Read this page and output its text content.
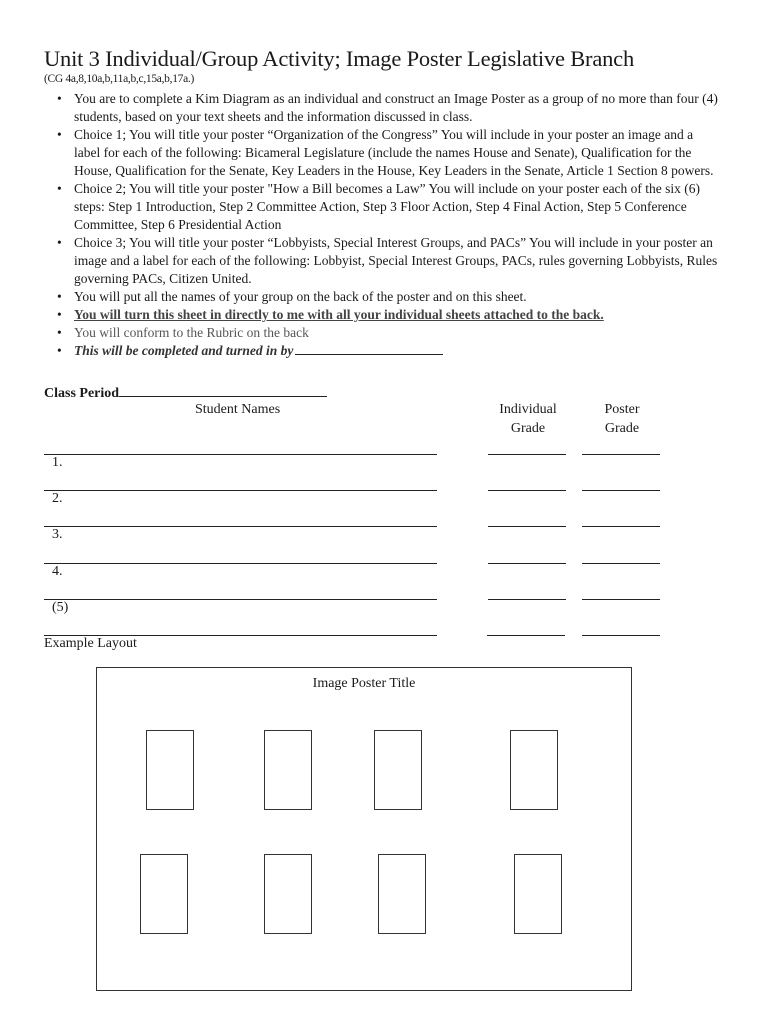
Unit 3 Individual/Group Activity; Image Poster Legislative Branch
(CG 4a,8,10a,b,11a,b,c,15a,b,17a.)
• You are to complete a Kim Diagram as an individual and construct an Image Poster as a group of no more than four (4) students, based on your text sheets and the information discussed in class.
• Choice 1; You will title your poster “Organization of the Congress” You will include in your poster an image and a label for each of the following: Bicameral Legislature (include the names House and Senate), Qualification for the House, Qualification for the Senate, Key Leaders in the House, Key Leaders in the Senate, Article 1 Section 8 powers.
• Choice 2; You will title your poster "How a Bill becomes a Law” You will include on your poster each of the six (6) steps: Step 1 Introduction, Step 2 Committee Action, Step 3 Floor Action, Step 4 Final Action, Step 5 Conference Committee, Step 6 Presidential Action
• Choice 3; You will title your poster “Lobbyists, Special Interest Groups, and PACs” You will include in your poster an image and a label for each of the following: Lobbyist, Special Interest Groups, PACs, rules governing Lobbyists, Rules governing PACs, Citizen United.
• You will put all the names of your group on the back of the poster and on this sheet.
• You will turn this sheet in directly to me with all your individual sheets attached to the back.
• You will conform to the Rubric on the back
• This will be completed and turned in by
Class Period
Student Names	Individual
Grade
Poster
Grade
1.
2.
3.
4.
(5)
Example Layout
Image Poster Title
